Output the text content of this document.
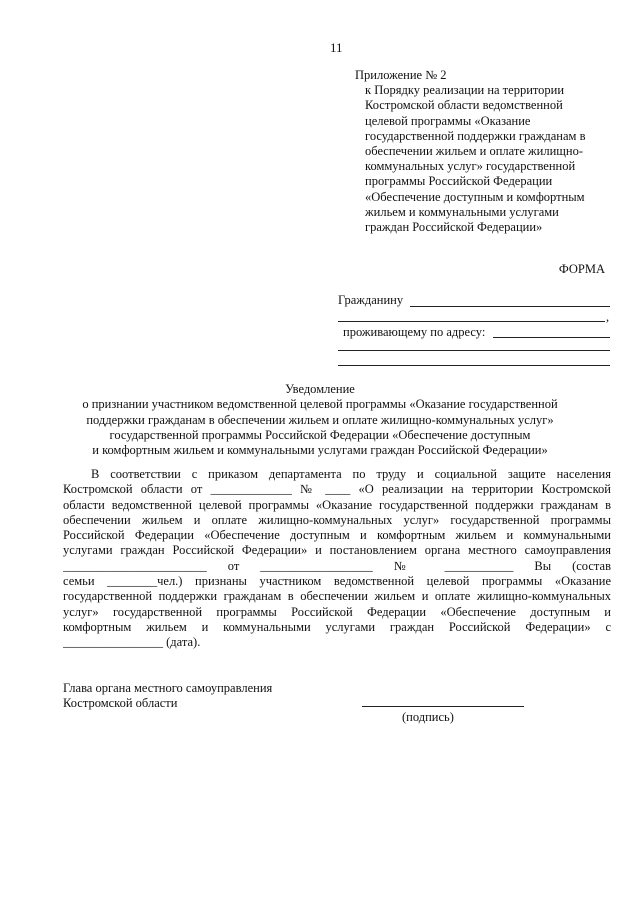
11
Приложение № 2
к Порядку реализации на территории
Костромской области ведомственной
целевой программы «Оказание
государственной поддержки гражданам в
обеспечении жильем и оплате жилищно-
коммунальных услуг» государственной
программы Российской Федерации
«Обеспечение доступным и комфортным
жильем и коммунальными услугами
граждан Российской Федерации»
ФОРМА
Гражданину
,
проживающему по адресу:
Уведомление
о признании участником ведомственной целевой программы «Оказание государственной
поддержки гражданам в обеспечении жильем и оплате жилищно-коммунальных услуг»
государственной программы Российской Федерации «Обеспечение доступным
и комфортным жильем и коммунальными услугами граждан Российской Федерации»
В соответствии с приказом департамента по труду и социальной защите населения
Костромской области от _____________ № ____ «О реализации на территории Костромской
области ведомственной целевой программы «Оказание государственной поддержки гражданам в
обеспечении жильем и оплате жилищно-коммунальных услуг» государственной программы
Российской Федерации «Обеспечение доступным и комфортным жильем и коммунальными
услугами граждан Российской Федерации» и постановлением органа местного самоуправления
_______________________ от __________________ № ___________ Вы (состав
семьи ________чел.) признаны участником ведомственной целевой программы «Оказание
государственной поддержки гражданам в обеспечении жильем и оплате жилищно-коммунальных
услуг» государственной программы Российской Федерации «Обеспечение доступным и
комфортным жильем и коммунальными услугами граждан Российской Федерации» с
________________ (дата).
Глава органа местного самоуправления
Костромской области
(подпись)
